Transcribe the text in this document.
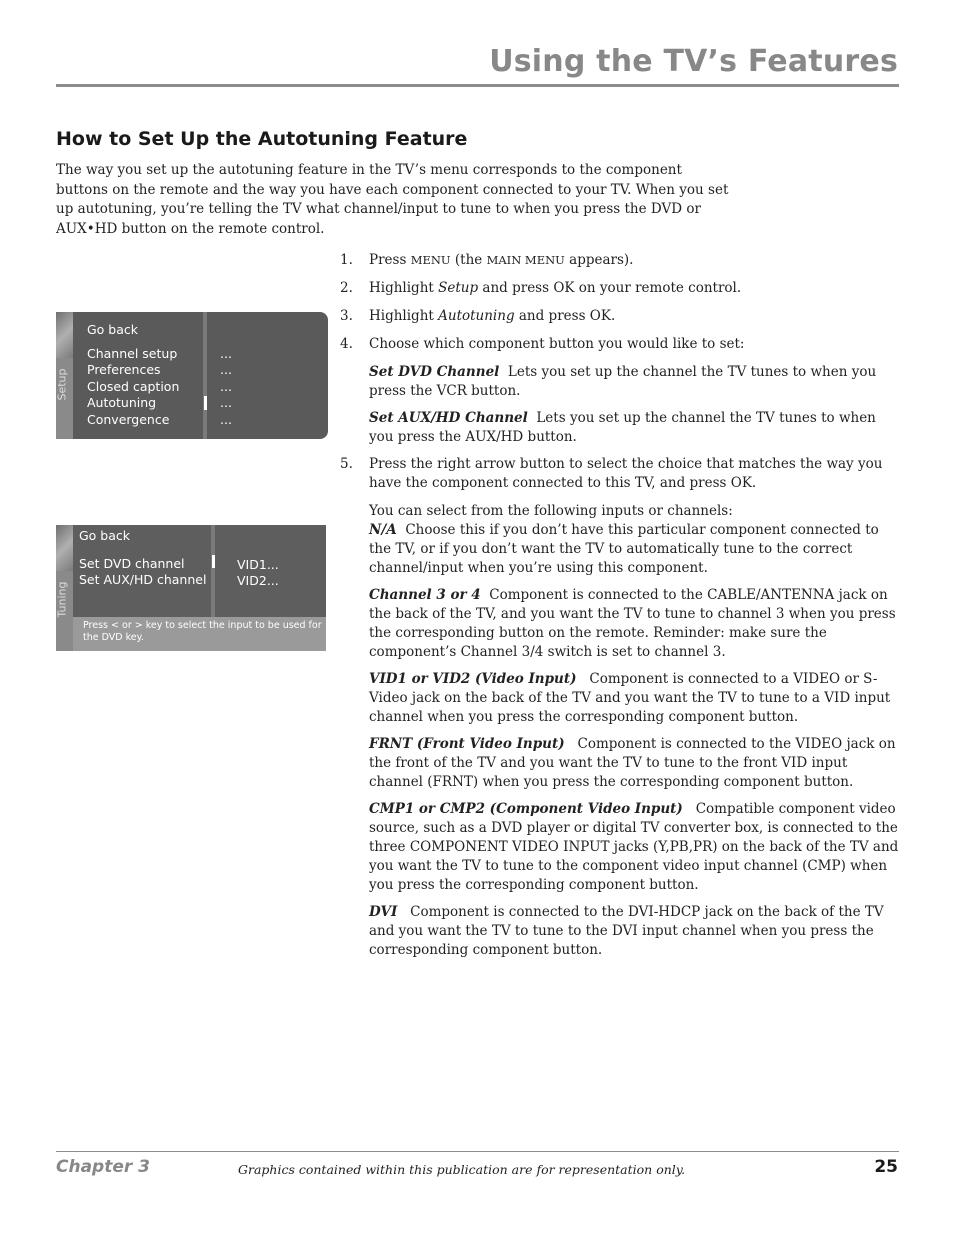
Using the TV’s Features
How to Set Up the Autotuning Feature

The way you set up the autotuning feature in the TV’s menu corresponds to the component buttons on the remote and the way you have each component connected to your TV. When you set up autotuning, you’re telling the TV what channel/input to tune to when you press the DVD or AUX•HD button on the remote control.

Setup
Go back
Channel setup
Preferences
Closed caption
Autotuning
Convergence
...
...
...
...
...
Tuning
Go back
Set DVD channel
Set AUX/HD channel
VID1...
VID2...
Press < or > key to select the input to be used for the DVD key.

1. Press MENU (the MAIN MENU appears).

2. Highlight Setup and press OK on your remote control.

3. Highlight Autotuning and press OK.

4. Choose which component button you would like to set:

Set DVD Channel Lets you set up the channel the TV tunes to when you press the VCR button.

Set AUX/HD Channel Lets you set up the channel the TV tunes to when you press the AUX/HD button.

5. Press the right arrow button to select the choice that matches the way you have the component connected to this TV, and press OK.

You can select from the following inputs or channels:

N/A Choose this if you don’t have this particular component connected to the TV, or if you don’t want the TV to automatically tune to the correct channel/input when you’re using this component.

Channel 3 or 4 Component is connected to the CABLE/ANTENNA jack on the back of the TV, and you want the TV to tune to channel 3 when you press the corresponding button on the remote. Reminder: make sure the component’s Channel 3/4 switch is set to channel 3.

VID1 or VID2 (Video Input) Component is connected to a VIDEO or S-Video jack on the back of the TV and you want the TV to tune to a VID input channel when you press the corresponding component button.

FRNT (Front Video Input) Component is connected to the VIDEO jack on the front of the TV and you want the TV to tune to the front VID input channel (FRNT) when you press the corresponding component button.

CMP1 or CMP2 (Component Video Input) Compatible component video source, such as a DVD player or digital TV converter box, is connected to the three COMPONENT VIDEO INPUT jacks (Y,PB,PR) on the back of the TV and you want the TV to tune to the component video input channel (CMP) when you press the corresponding component button.

DVI Component is connected to the DVI-HDCP jack on the back of the TV and you want the TV to tune to the DVI input channel when you press the corresponding component button.

Chapter 3	Graphics contained within this publication are for representation only.	25
